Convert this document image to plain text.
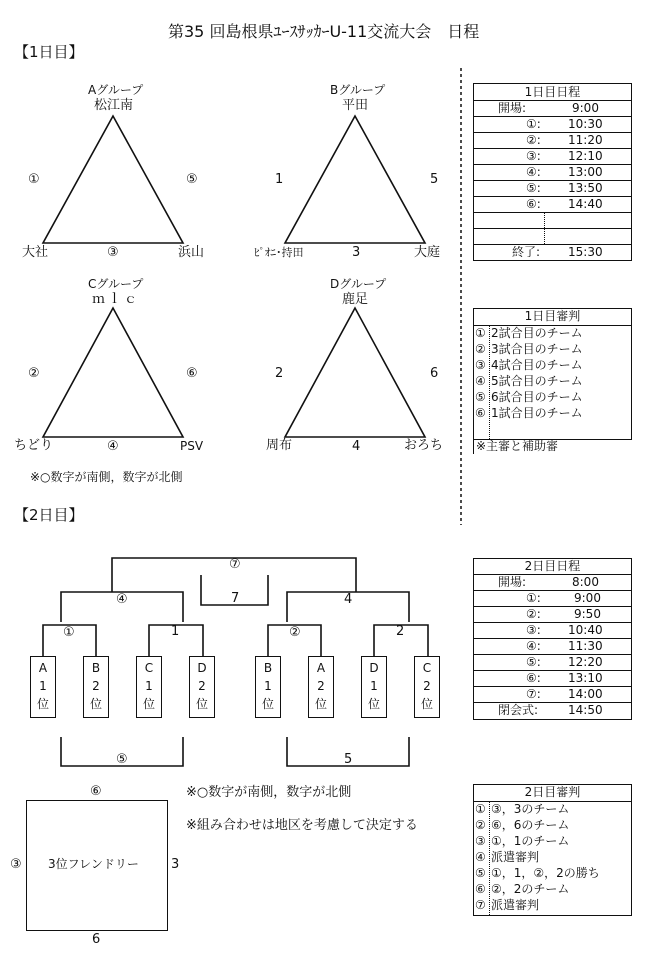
第35 回島根県ﾕｰｽｻｯｶｰU-11交流大会　日程
【1日目】
Aグループ
松江南
大社	浜山
①	⑤
③
Bグループ
平田
ﾋﾟｵﾆ･持田	大庭
1	5
3
Cグループ
ｍｌｃ
ちどり	PSV
②	⑥
④
Dグループ
鹿足
周布	おろち
2	6
4
※○数字が南側，数字が北側
1日目日程
開場:	9:00
①: 10:30
②: 11:20
③: 12:10
④: 13:00
⑤: 13:50
⑥: 14:40
終了: 15:30
1日目審判
① 2試合目のチーム
② 3試合目のチーム
③ 4試合目のチーム
④ 5試合目のチーム
⑤ 6試合目のチーム
⑥ 1試合目のチーム
※主審と補助審
【2日目】
⑦
7
④	4
①	1	②	2
A
1
位
B
2
位
C
1
位
D
2
位
B
1
位
A
2
位
D
1
位
C
2
位
⑤	5
3位フレンドリー
⑥
6
③	3
※○数字が南側，数字が北側
※組み合わせは地区を考慮して決定する
2日目日程
開場:	8:00
①:	9:00
②:	9:50
③: 10:40
④: 11:30
⑤: 12:20
⑥: 13:10
⑦: 14:00
閉会式: 14:50
2日目審判
① ③，3のチーム
② ⑥，6のチーム
③ ①，1のチーム
④ 派遣審判
⑤ ①，1，②，2の勝ち
⑥ ②，2のチーム
⑦ 派遣審判
